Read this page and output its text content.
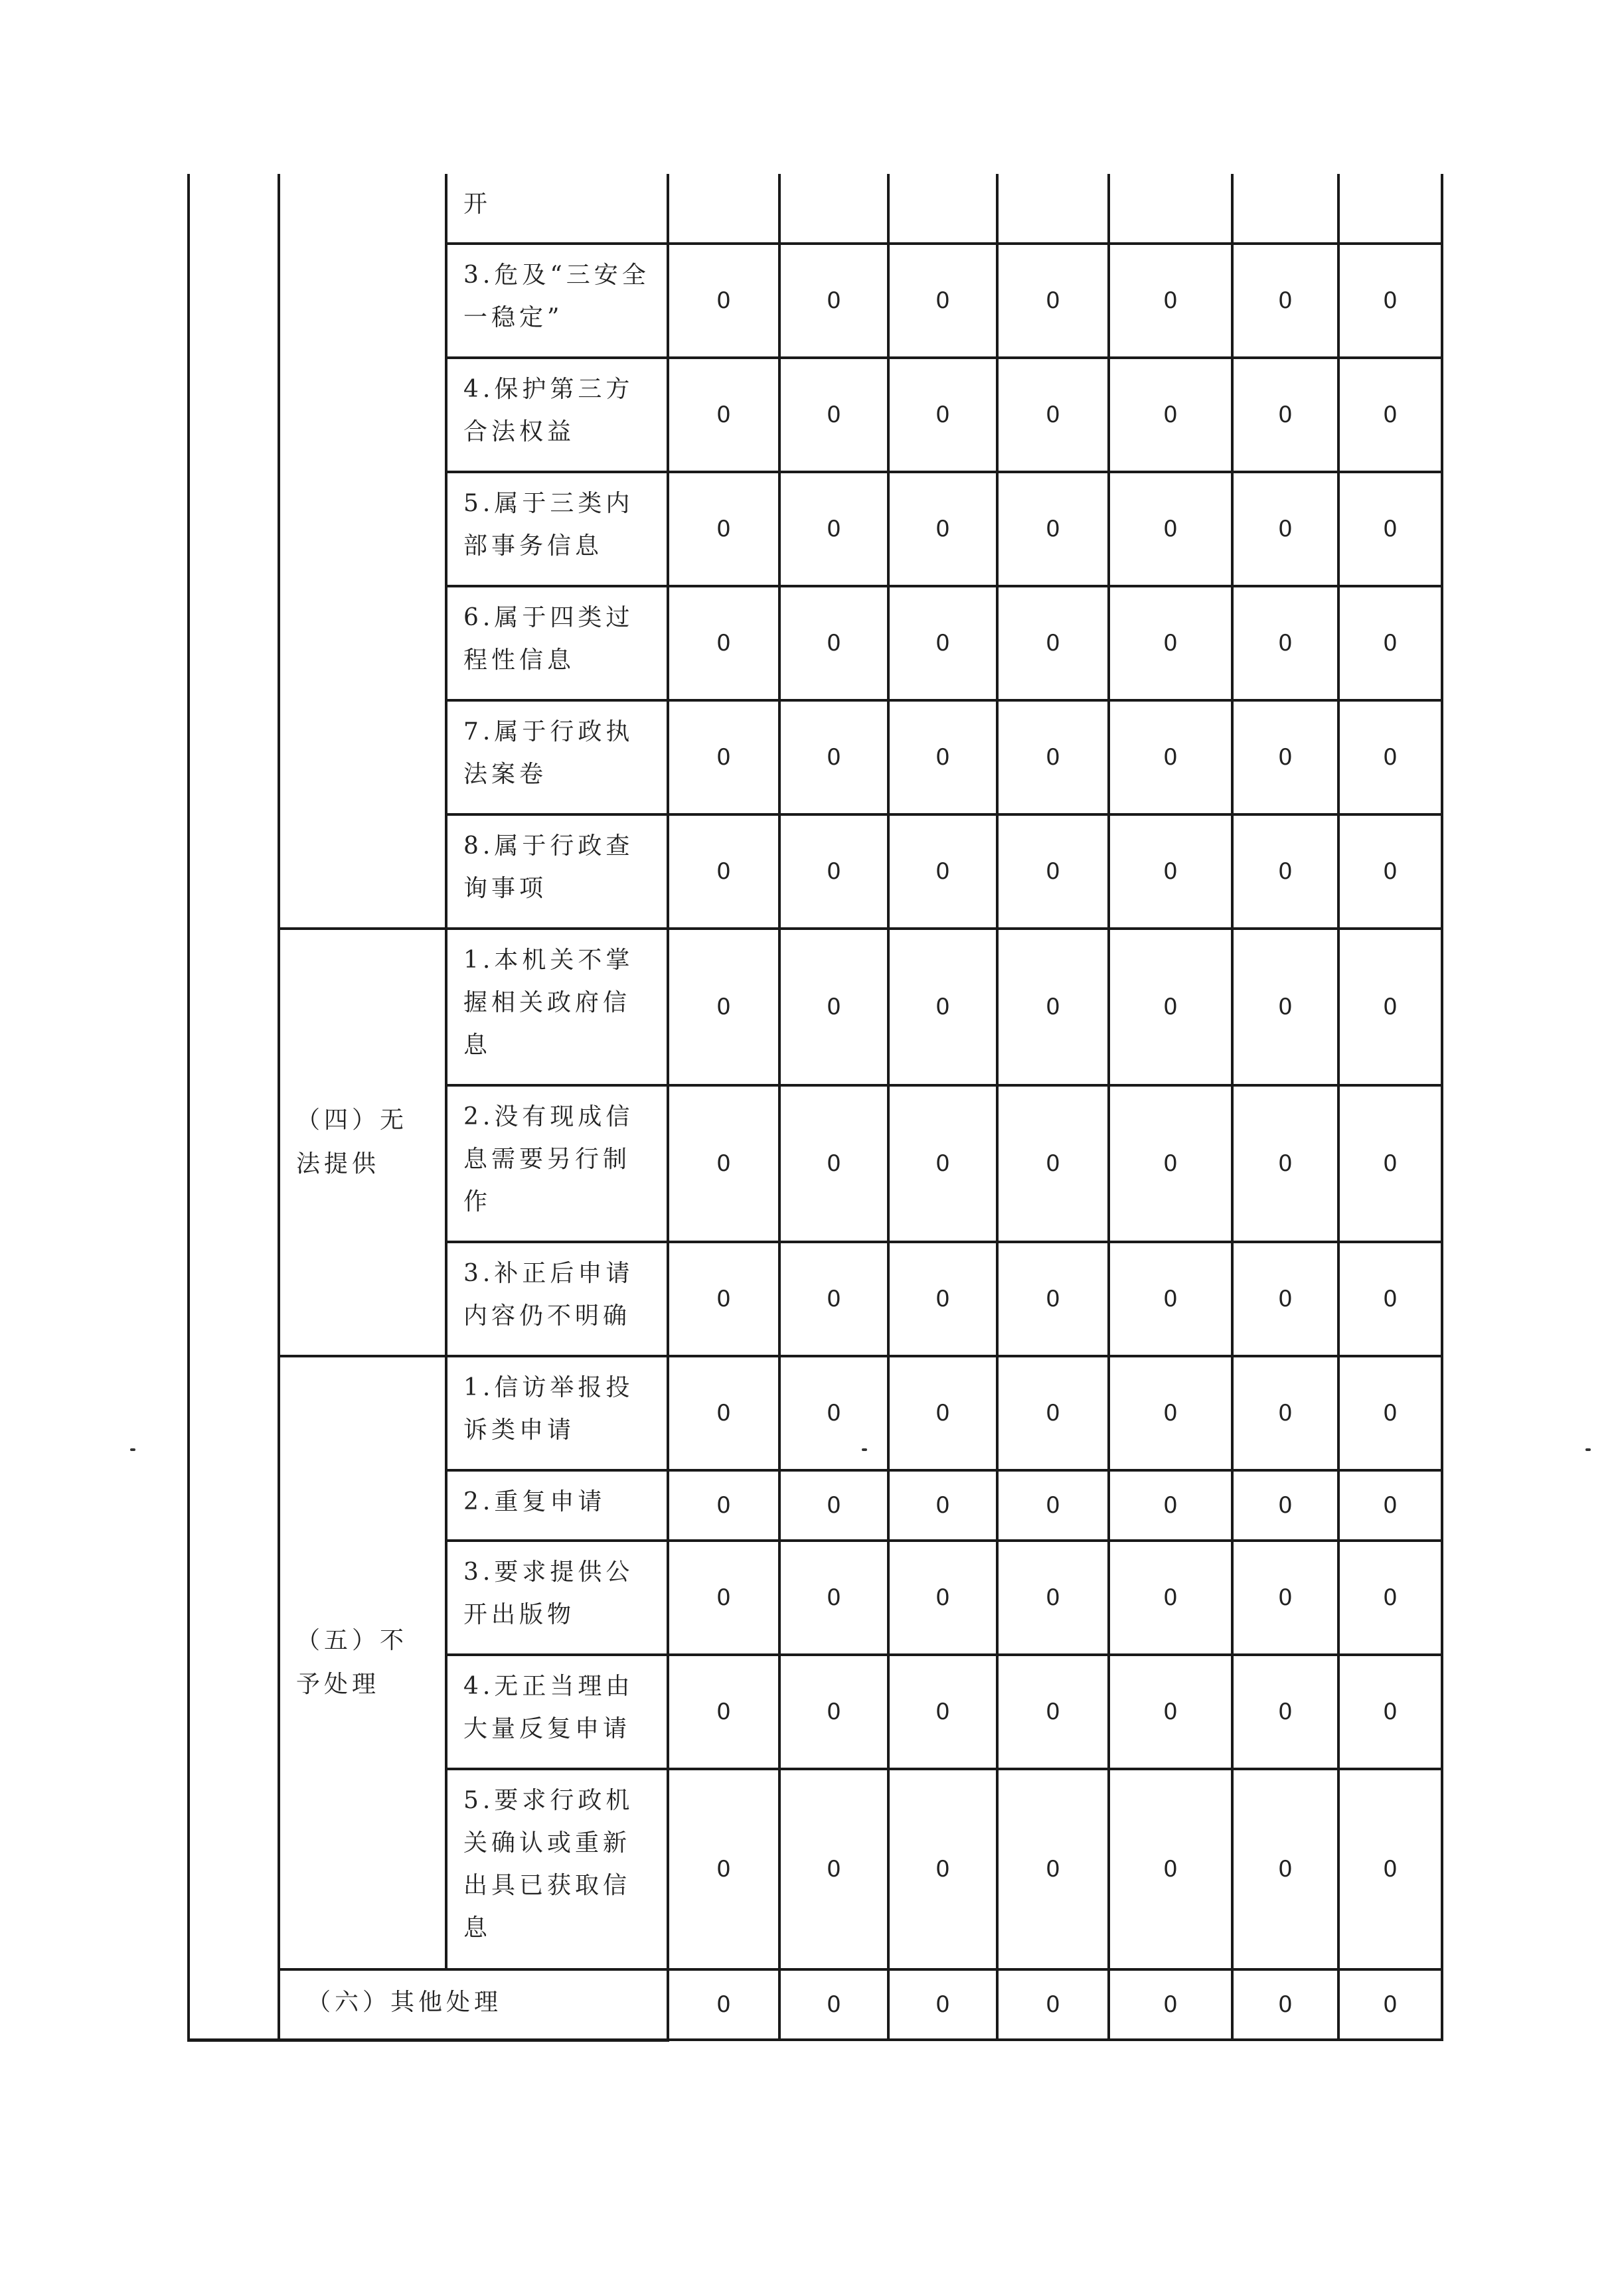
		开							
		3.危及“三安全一稳定”	0	0	0	0	0	0	0
		4.保护第三方合法权益	0	0	0	0	0	0	0
		5.属于三类内部事务信息	0	0	0	0	0	0	0
		6.属于四类过程性信息	0	0	0	0	0	0	0
		7.属于行政执法案卷	0	0	0	0	0	0	0
		8.属于行政查询事项	0	0	0	0	0	0	0
	（四）无法提供	1.本机关不掌握相关政府信息	0	0	0	0	0	0	0
		2.没有现成信息需要另行制作	0	0	0	0	0	0	0
		3.补正后申请内容仍不明确	0	0	0	0	0	0	0
	（五）不予处理	1.信访举报投诉类申请	0	0	0	0	0	0	0
		2.重复申请	0	0	0	0	0	0	0
		3.要求提供公开出版物	0	0	0	0	0	0	0
		4.无正当理由大量反复申请	0	0	0	0	0	0	0
		5.要求行政机关确认或重新出具已获取信息	0	0	0	0	0	0	0
	（六）其他处理		0	0	0	0	0	0	0
